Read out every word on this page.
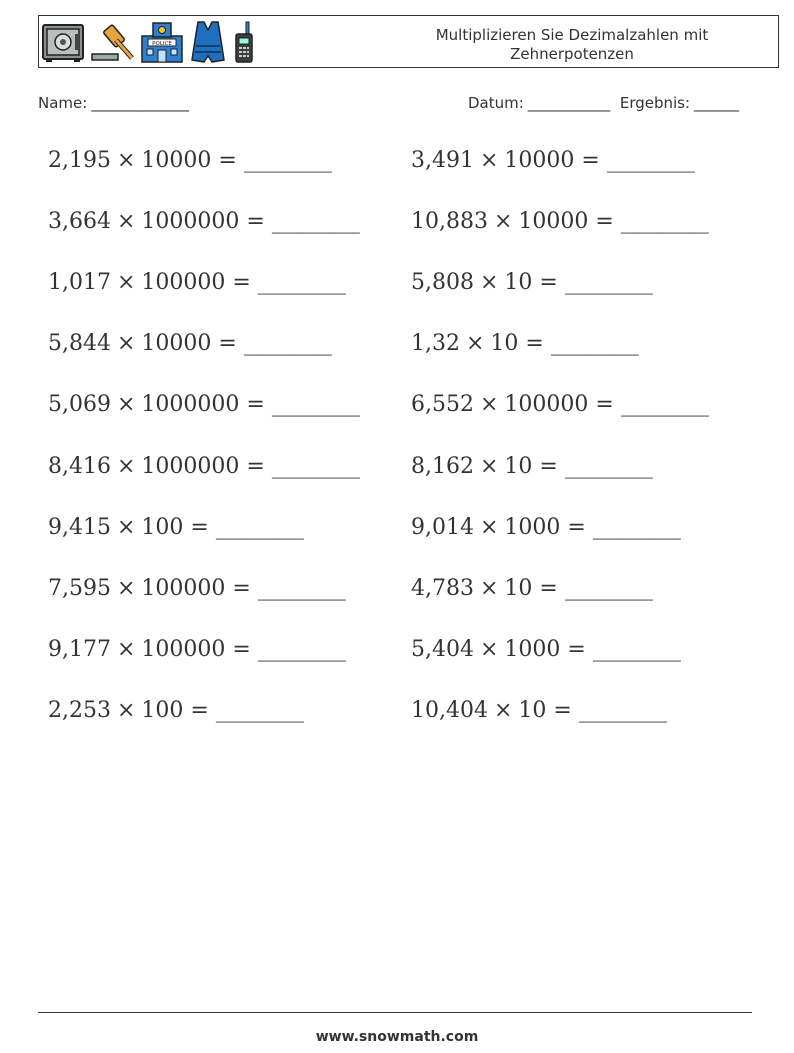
POLICE	Multiplizieren Sie Dezimalzahlen mit Zehnerpotenzen
Name: _____________	Datum: ___________ Ergebnis: ______
2,195 × 10000 = ________	3,491 × 10000 = ________
3,664 × 1000000 = ________ 10,883 × 10000 = ________
1,017 × 100000 = ________	5,808 × 10 = ________
5,844 × 10000 = ________	1,32 × 10 = ________
5,069 × 1000000 = ________ 6,552 × 100000 = ________
8,416 × 1000000 = ________ 8,162 × 10 = ________
9,415 × 100 = ________	9,014 × 1000 = ________
7,595 × 100000 = ________	4,783 × 10 = ________
9,177 × 100000 = ________	5,404 × 1000 = ________
2,253 × 100 = ________	10,404 × 10 = ________
www.snowmath.com
